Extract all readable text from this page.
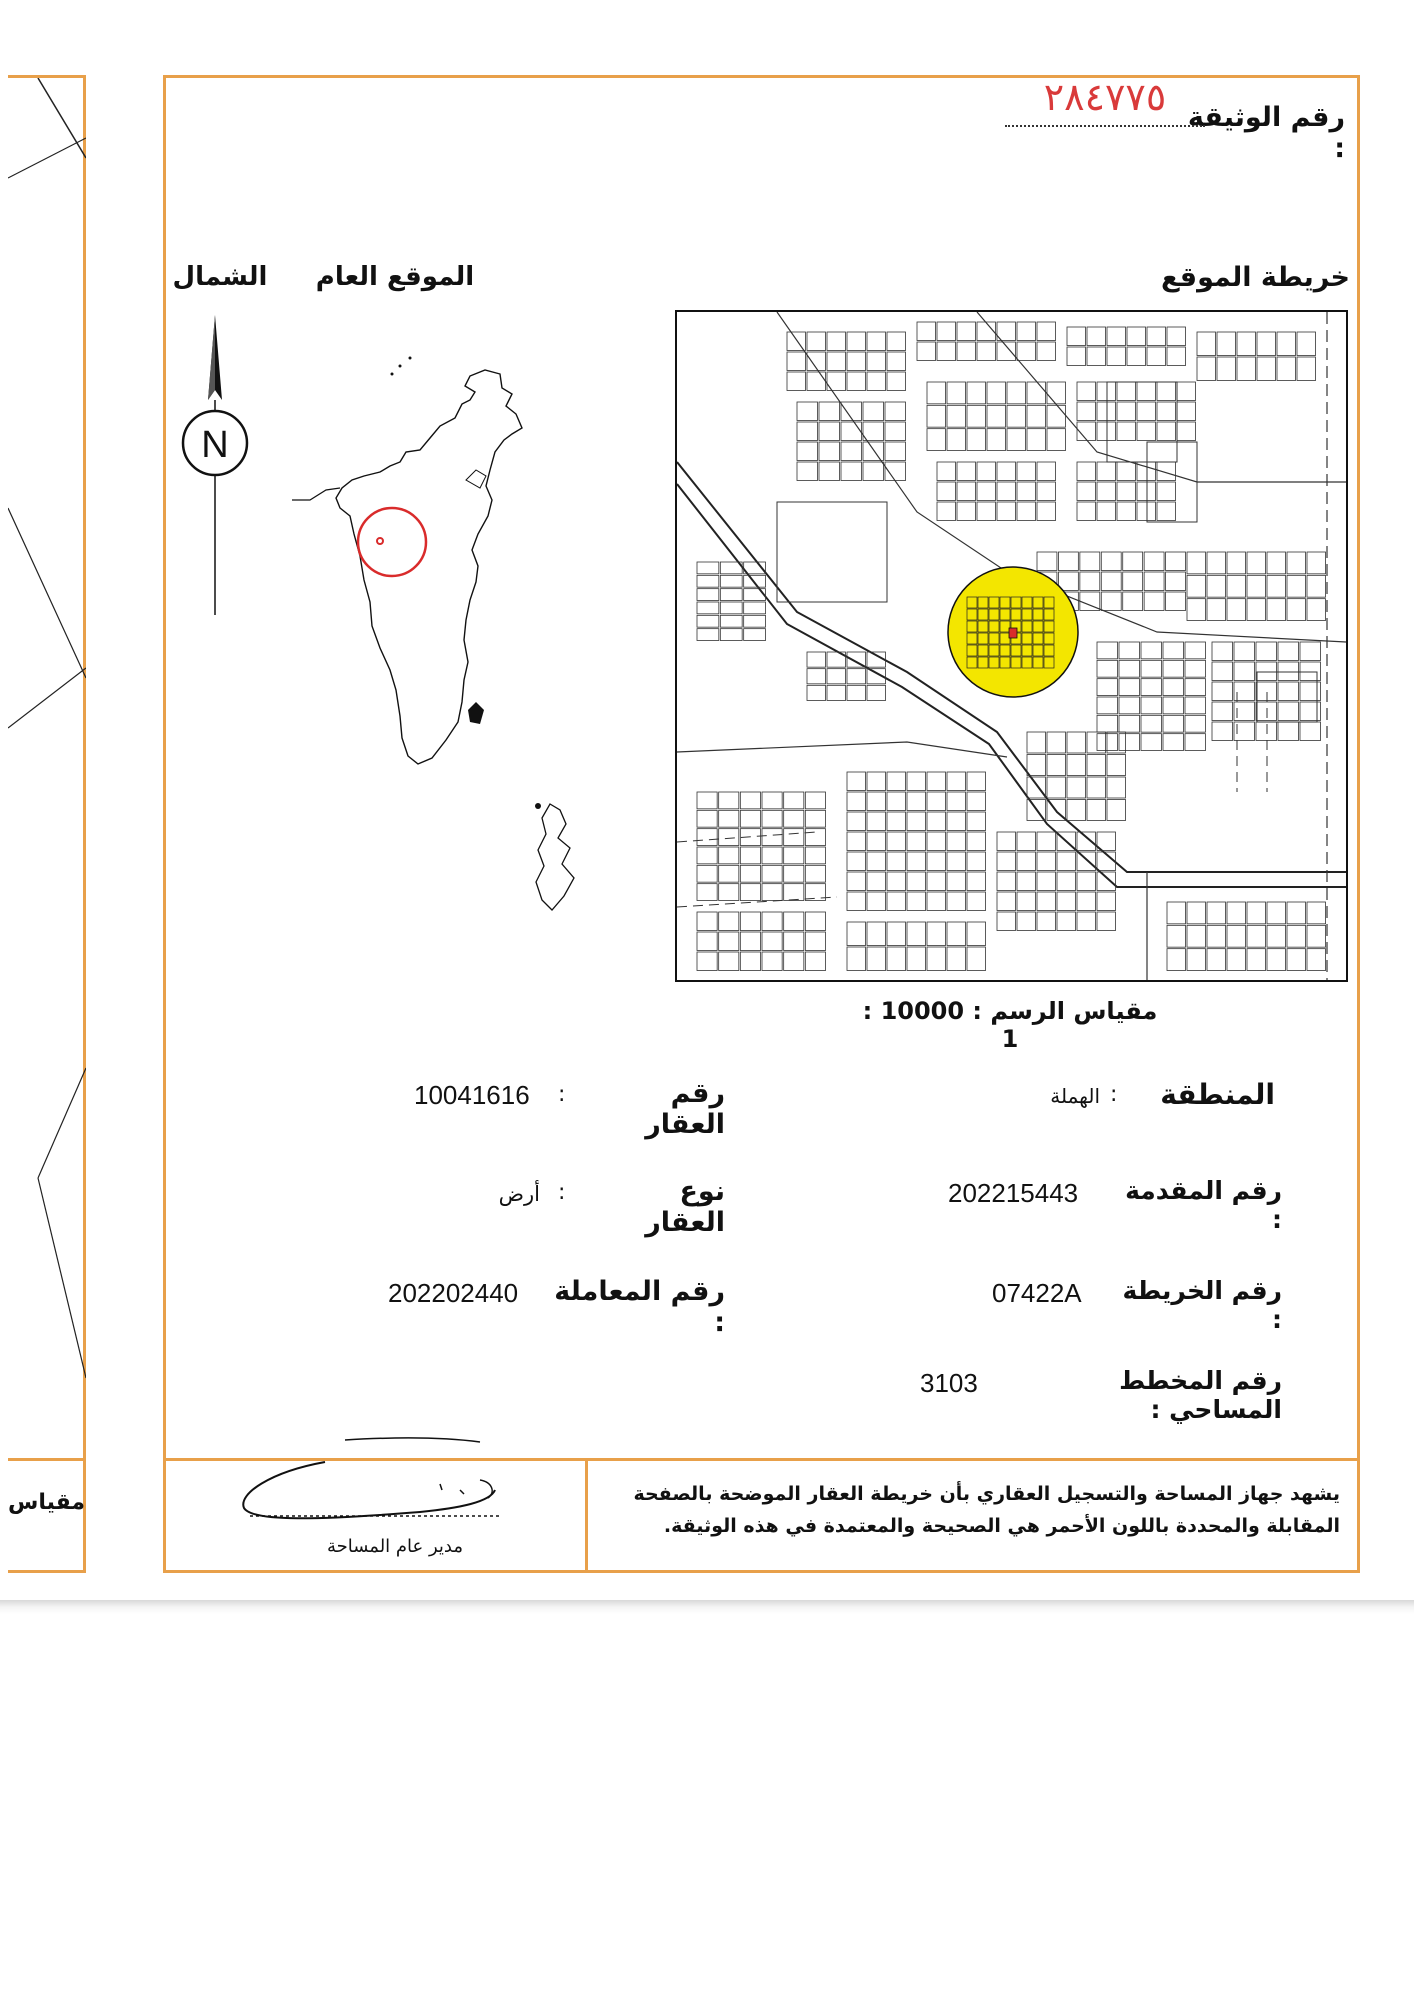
مقياس
رقم الوثيقة :
٢٨٤٧٧٥
خريطة الموقع
الموقع العام
الشمال
N
مقياس الرسم : 10000 : 1
المنطقة
:
الهملة
رقم المقدمة :
202215443
رقم الخريطة :
07422A
رقم المخطط المساحي :
3103
رقم العقار
:
10041616
نوع العقار
:
أرض
رقم المعاملة :
202202440
يشهد جهاز المساحة والتسجيل العقاري بأن خريطة العقار الموضحة بالصفحة
المقابلة والمحددة باللون الأحمر هي الصحيحة والمعتمدة في هذه الوثيقة.
مدير عام المساحة
